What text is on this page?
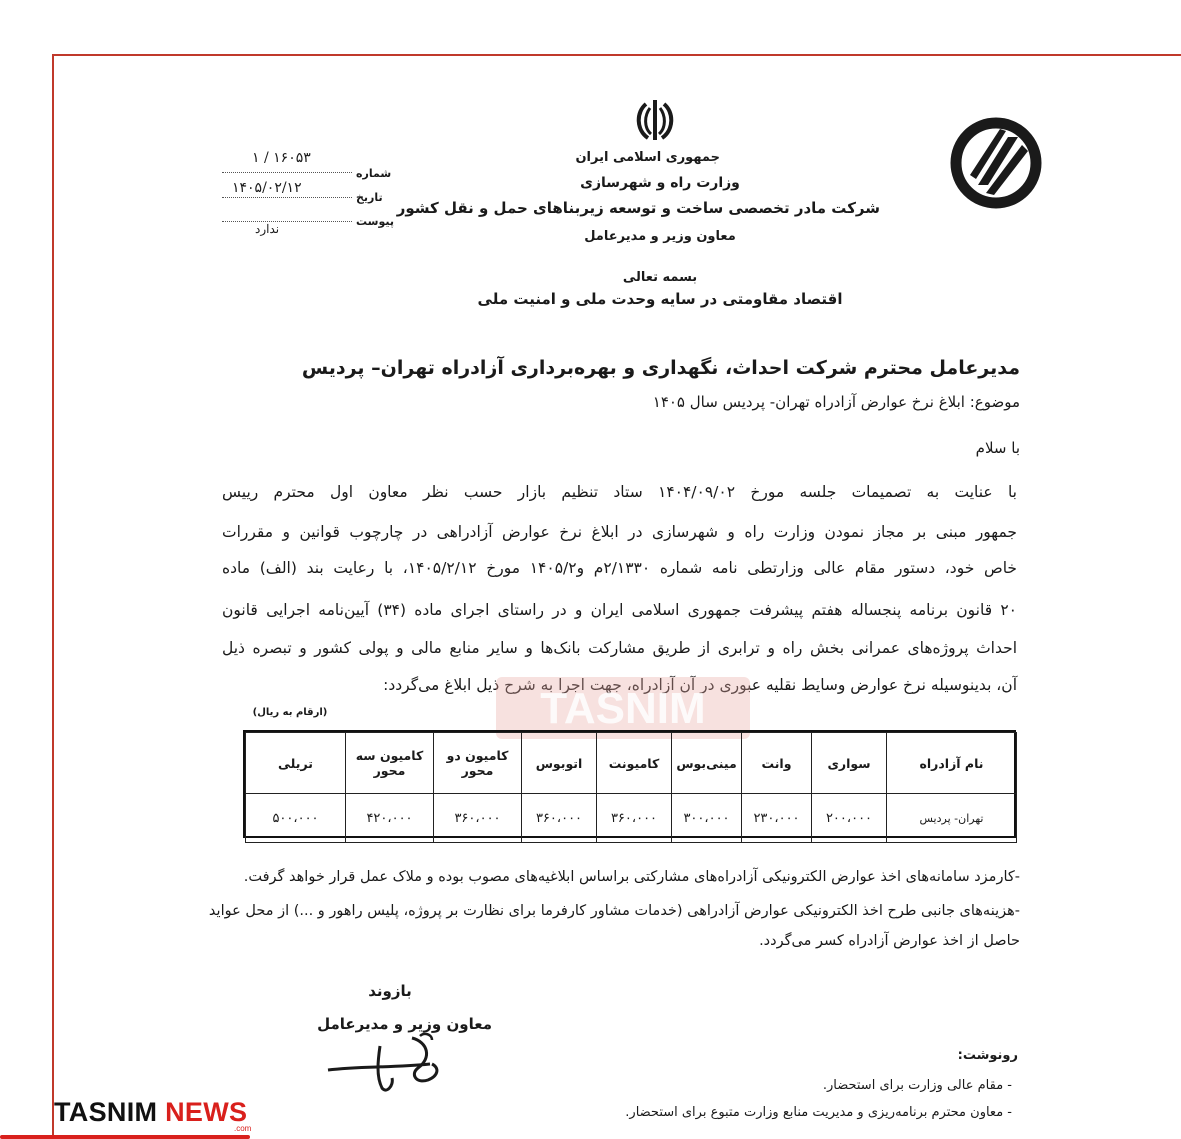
جمهوری اسلامی ایران
وزارت راه و شهرسازی
شرکت مادر تخصصی ساخت و توسعه زیربناهای حمل و نقل کشور
معاون وزیر و مدیرعامل
شماره
۱۶۰۵۳ / ۱
تاریخ
۱۴۰۵/۰۲/۱۲
پیوست
ندارد
بسمه تعالی
اقتصاد مقاومتی در سایه وحدت ملی و امنیت ملی
مدیرعامل محترم شرکت احداث، نگهداری و بهره‌برداری آزادراه تهران– پردیس
موضوع: ابلاغ نرخ عوارض آزادراه تهران- پردیس سال ۱۴۰۵
با سلام
با عنایت به تصمیمات جلسه مورخ ۱۴۰۴/۰۹/۰۲ ستاد تنظیم بازار حسب نظر معاون اول محترم رییس
جمهور مبنی بر مجاز نمودن وزارت راه و شهرسازی در ابلاغ نرخ عوارض آزادراهی در چارچوب قوانین و مقررات
خاص خود، دستور مقام عالی وزارتطی نامه شماره ۲/۱۳۳۰م و۱۴۰۵/۲ مورخ ۱۴۰۵/۲/۱۲، با رعایت بند (الف) ماده
۲۰ قانون برنامه پنجساله هفتم پیشرفت جمهوری اسلامی ایران و در راستای اجرای ماده (۳۴) آیین‌نامه اجرایی قانون
احداث پروژه‌های عمرانی بخش راه و ترابری از طریق مشارکت بانک‌ها و سایر منابع مالی و پولی کشور و تبصره ذیل
آن، بدینوسیله نرخ عوارض وسایط نقلیه عبوری در آن آزادراه، جهت اجرا به شرح ذیل ابلاغ می‌گردد:
TASNIM
(ارقام به ریال)
نام آزادراه	سواری	وانت	مینی‌بوس	کامیونت	اتوبوس	کامیون دو محور	کامیون سه محور	تریلی
تهران- پردیس	۲۰۰،۰۰۰	۲۳۰،۰۰۰	۳۰۰،۰۰۰	۳۶۰،۰۰۰	۳۶۰،۰۰۰	۳۶۰،۰۰۰	۴۲۰،۰۰۰	۵۰۰،۰۰۰
-کارمزد سامانه‌های اخذ عوارض الکترونیکی آزادراه‌های مشارکتی براساس ابلاغیه‌های مصوب بوده و ملاک عمل قرار خواهد گرفت.
-هزینه‌های جانبی طرح اخذ الکترونیکی عوارض آزادراهی (خدمات مشاور کارفرما برای نظارت بر پروژه، پلیس راهور و ...) از محل عواید
حاصل از اخذ عوارض آزادراه کسر می‌گردد.
بازوند
معاون وزیر و مدیرعامل
رونوشت:
- مقام عالی وزارت برای استحضار.
- معاون محترم برنامه‌ریزی و مدیریت منابع وزارت متبوع برای استحضار.
TASNIM NEWS
.com
